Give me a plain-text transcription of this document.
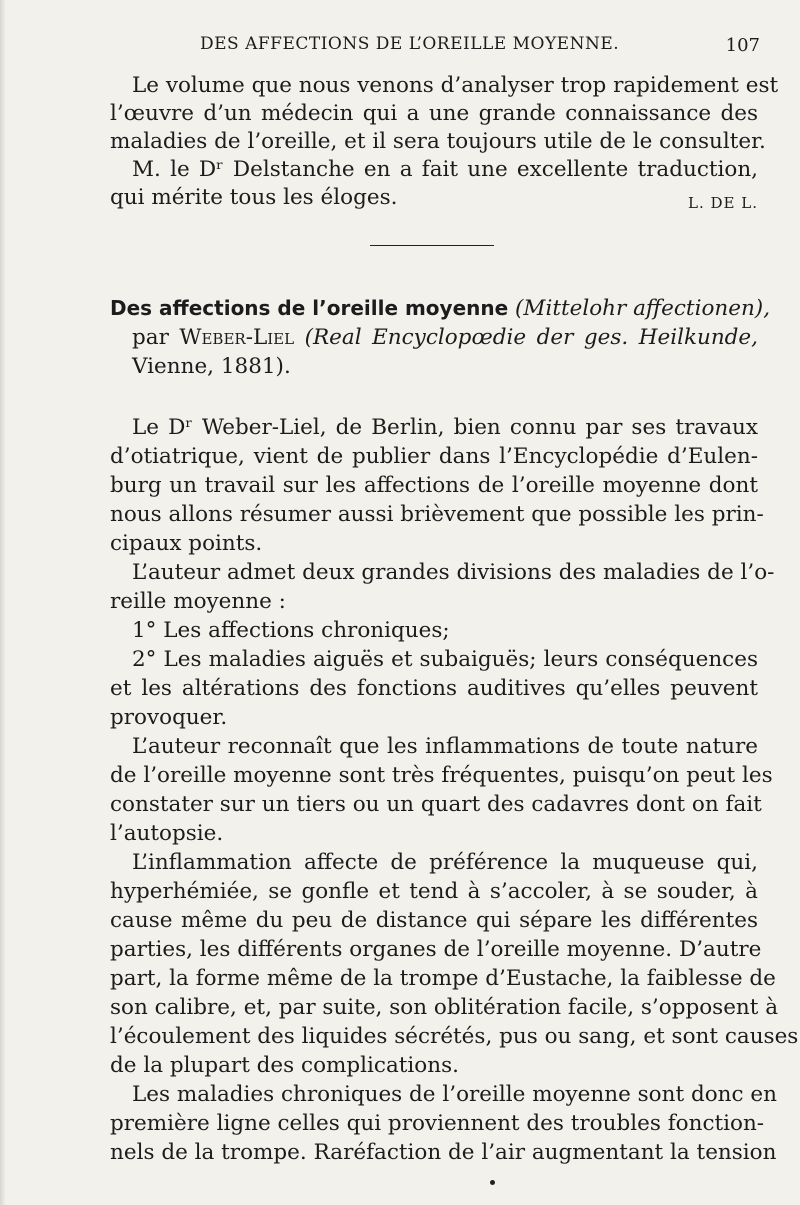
DES AFFECTIONS DE L’OREILLE MOYENNE.	107
Le volume que nous venons d’analyser trop rapidement est
l’œuvre d’un médecin qui a une grande connaissance des
maladies de l’oreille, et il sera toujours utile de le consulter.
M. le Dʳ Delstanche en a fait une excellente traduction,
qui mérite tous les éloges.	L. DE L.
Des affections de l’oreille moyenne (Mittelohr affectionen),
par Weber-Liel (Real Encyclopœdie der ges. Heilkunde,
Vienne, 1881).
Le Dʳ Weber-Liel, de Berlin, bien connu par ses travaux
d’otiatrique, vient de publier dans l’Encyclopédie d’Eulen-
burg un travail sur les affections de l’oreille moyenne dont
nous allons résumer aussi brièvement que possible les prin-
cipaux points.
L’auteur admet deux grandes divisions des maladies de l’o-
reille moyenne :
1° Les affections chroniques;
2° Les maladies aiguës et subaiguës; leurs conséquences
et les altérations des fonctions auditives qu’elles peuvent
provoquer.
L’auteur reconnaît que les inflammations de toute nature
de l’oreille moyenne sont très fréquentes, puisqu’on peut les
constater sur un tiers ou un quart des cadavres dont on fait
l’autopsie.
L’inflammation affecte de préférence la muqueuse qui,
hyperhémiée, se gonfle et tend à s’accoler, à se souder, à
cause même du peu de distance qui sépare les différentes
parties, les différents organes de l’oreille moyenne. D’autre
part, la forme même de la trompe d’Eustache, la faiblesse de
son calibre, et, par suite, son oblitération facile, s’opposent à
l’écoulement des liquides sécrétés, pus ou sang, et sont causes
de la plupart des complications.
Les maladies chroniques de l’oreille moyenne sont donc en
première ligne celles qui proviennent des troubles fonction-
nels de la trompe. Raréfaction de l’air augmentant la tension
